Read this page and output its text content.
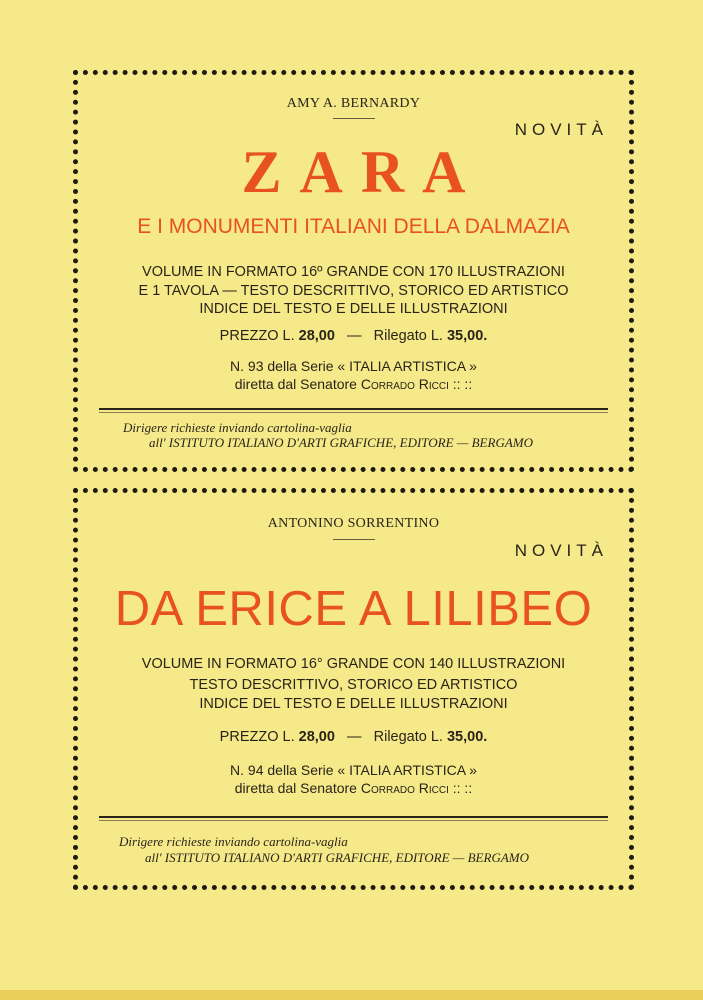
AMY A. BERNARDY
NOVITÀ
ZARA
E I MONUMENTI ITALIANI DELLA DALMAZIA
VOLUME IN FORMATO 16º GRANDE CON 170 ILLUSTRAZIONI
E 1 TAVOLA — TESTO DESCRITTIVO, STORICO ED ARTISTICO
INDICE DEL TESTO E DELLE ILLUSTRAZIONI
PREZZO L. 28,00 — Rilegato L. 35,00.
N. 93 della Serie « ITALIA ARTISTICA »
diretta dal Senatore Corrado Ricci :: ::
Dirigere richieste inviando cartolina-vaglia
all' ISTITUTO ITALIANO D'ARTI GRAFICHE, EDITORE — BERGAMO
ANTONINO SORRENTINO
NOVITÀ
DA ERICE A LILIBEO
VOLUME IN FORMATO 16° GRANDE CON 140 ILLUSTRAZIONI
TESTO DESCRITTIVO, STORICO ED ARTISTICO
INDICE DEL TESTO E DELLE ILLUSTRAZIONI
PREZZO L. 28,00 — Rilegato L. 35,00.
N. 94 della Serie « ITALIA ARTISTICA »
diretta dal Senatore Corrado Ricci :: ::
Dirigere richieste inviando cartolina-vaglia
all' ISTITUTO ITALIANO D'ARTI GRAFICHE, EDITORE — BERGAMO
